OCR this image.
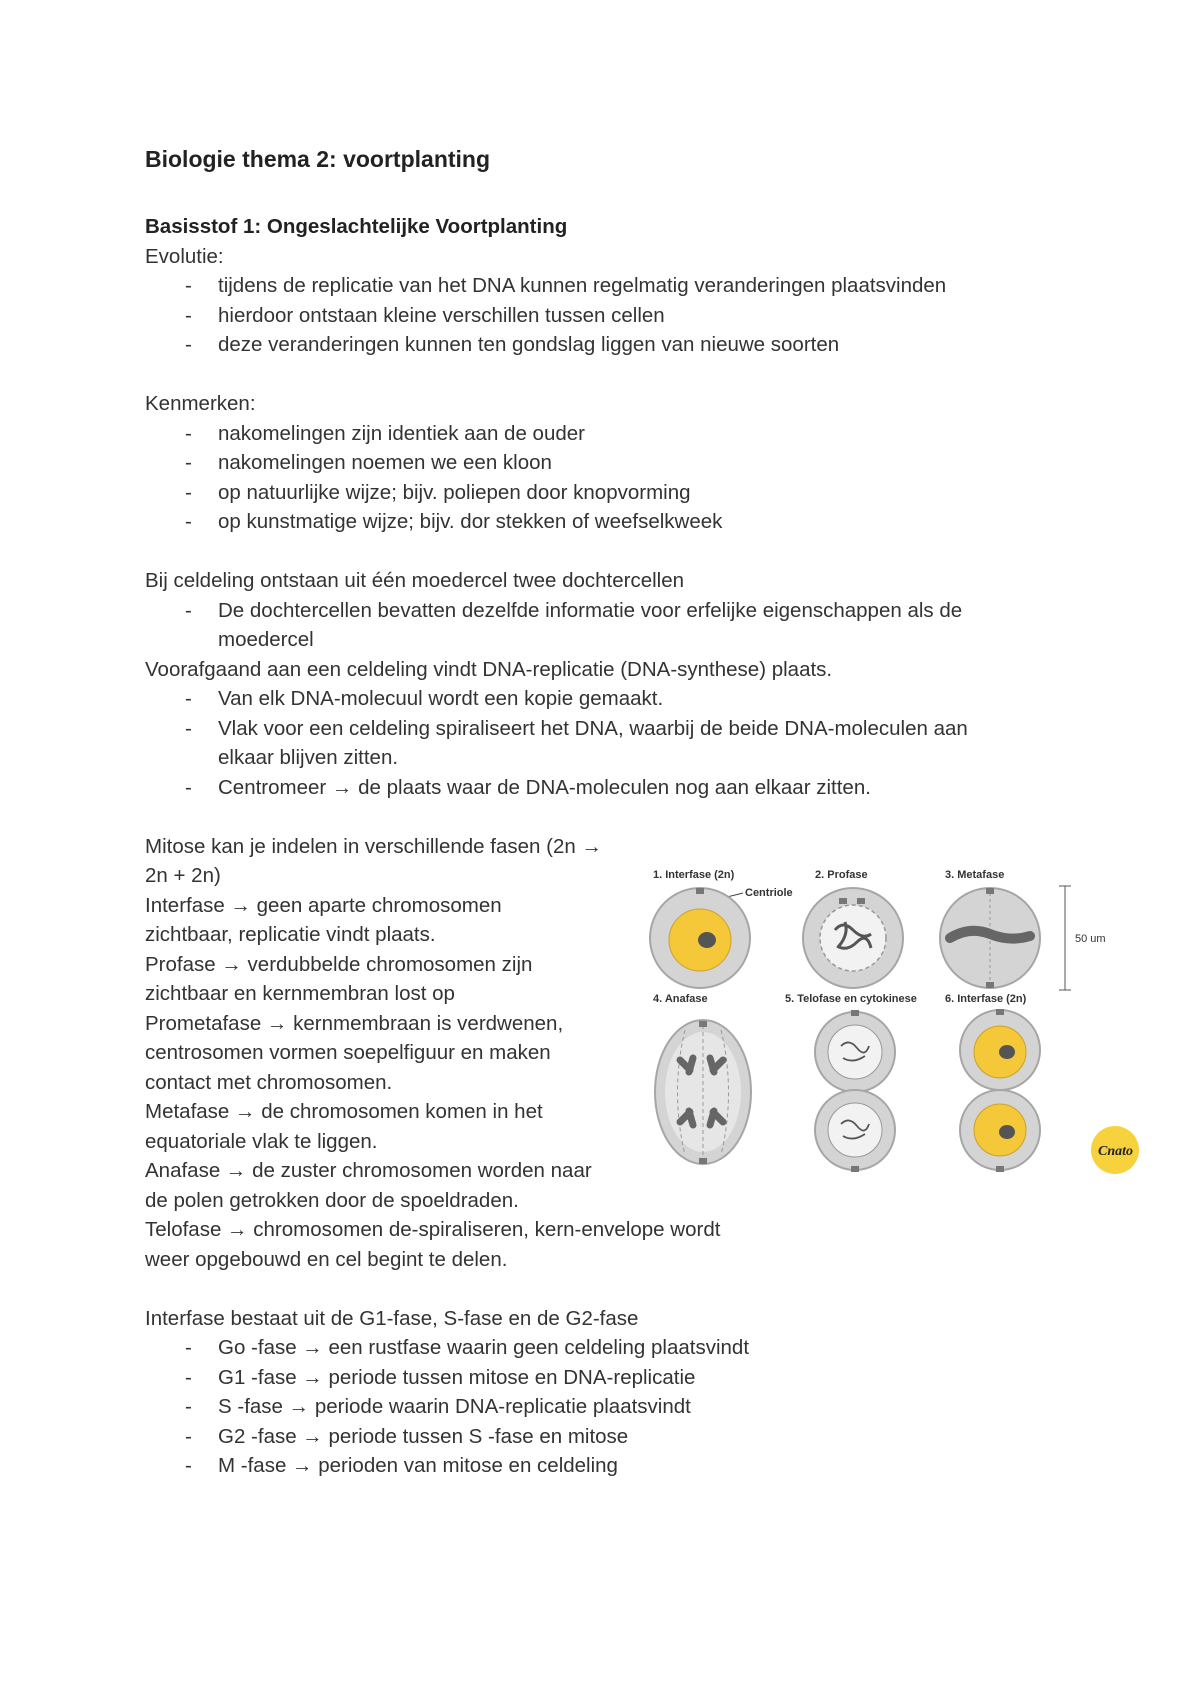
Biologie thema 2: voortplanting

Basisstof 1: Ongeslachtelijke Voortplanting

Evolutie:

- tijdens de replicatie van het DNA kunnen regelmatig veranderingen plaatsvinden
- hierdoor ontstaan kleine verschillen tussen cellen
- deze veranderingen kunnen ten gondslag liggen van nieuwe soorten

Kenmerken:

- nakomelingen zijn identiek aan de ouder
- nakomelingen noemen we een kloon
- op natuurlijke wijze; bijv. poliepen door knopvorming
- op kunstmatige wijze; bijv. dor stekken of weefselkweek

Bij celdeling ontstaan uit één moedercel twee dochtercellen

- De dochtercellen bevatten dezelfde informatie voor erfelijke eigenschappen als de moedercel

Voorafgaand aan een celdeling vindt DNA-replicatie (DNA-synthese) plaats.

- Van elk DNA-molecuul wordt een kopie gemaakt.
- Vlak voor een celdeling spiraliseert het DNA, waarbij de beide DNA-moleculen aan elkaar blijven zitten.
- Centromeer → de plaats waar de DNA-moleculen nog aan elkaar zitten.

Mitose kan je indelen in verschillende fasen (2n → 2n + 2n)

Interfase → geen aparte chromosomen zichtbaar, replicatie vindt plaats.

Profase → verdubbelde chromosomen zijn zichtbaar en kernmembran lost op

Prometafase → kernmembraan is verdwenen, centrosomen vormen soepelfiguur en maken contact met chromosomen.

Metafase → de chromosomen komen in het equatoriale vlak te liggen.

Anafase → de zuster chromosomen worden naar de polen getrokken door de spoeldraden.

Telofase → chromosomen de-spiraliseren, kern-envelope wordt weer opgebouwd en cel begint te delen.

Interfase bestaat uit de G1-fase, S-fase en de G2-fase

- Go -fase → een rustfase waarin geen celdeling plaatsvindt
- G1 -fase → periode tussen mitose en DNA-replicatie
- S -fase → periode waarin DNA-replicatie plaatsvindt
- G2 -fase → periode tussen S -fase en mitose
- M -fase → perioden van mitose en celdeling
1. Interfase (2n)	2. Profase	3. Metafase
4. Anafase	5. Telofase en cytokinese	6. Interfase (2n)
Centriole
50 um
Cnato
